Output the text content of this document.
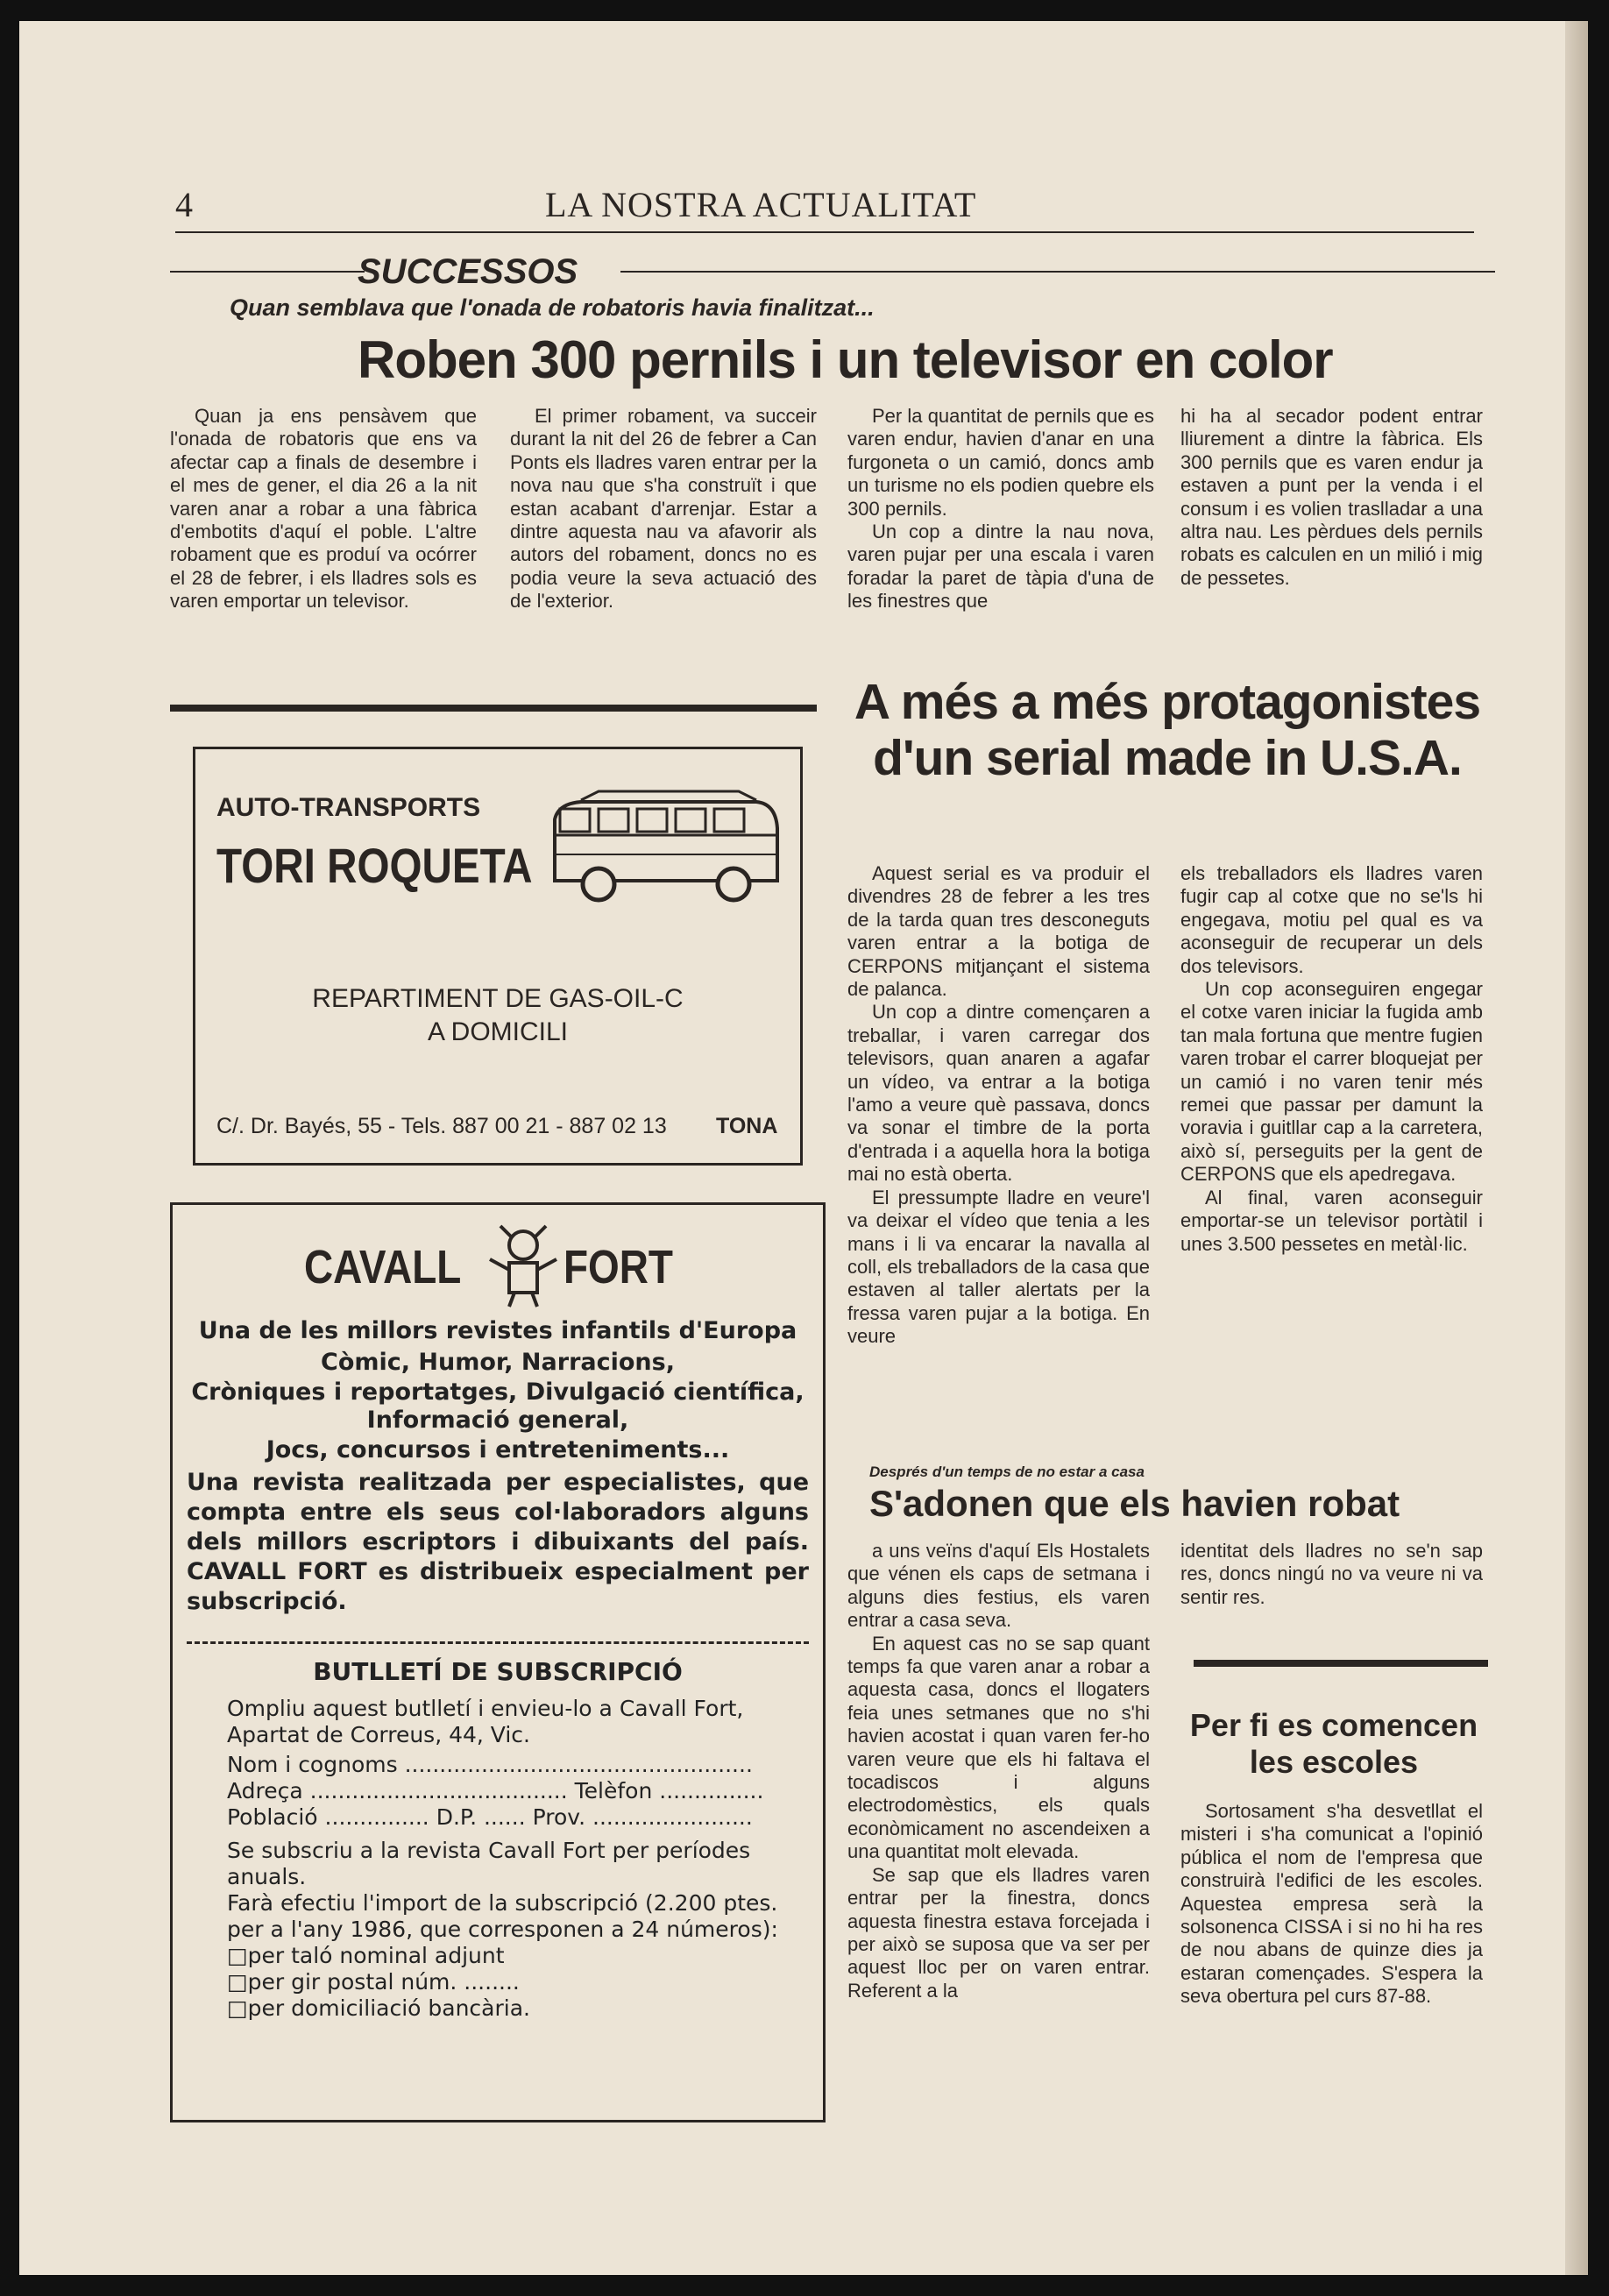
4	LA NOSTRA ACTUALITAT
SUCCESSOS
Quan semblava que l'onada de robatoris havia finalitzat...
Roben 300 pernils i un televisor en color

Quan ja ens pensàvem que l'onada de robatoris que ens va afectar cap a finals de desembre i el mes de gener, el dia 26 a la nit varen anar a robar a una fàbrica d'embotits d'aquí el poble. L'altre robament que es produí va ocórrer el 28 de febrer, i els lladres sols es varen emportar un televisor.

El primer robament, va succeir durant la nit del 26 de febrer a Can Ponts els lladres varen entrar per la nova nau que s'ha construït i que estan acabant d'arrenjar. Estar a dintre aquesta nau va afavorir als autors del robament, doncs no es podia veure la seva actuació des de l'exterior.

Per la quantitat de pernils que es varen endur, havien d'anar en una furgoneta o un camió, doncs amb un turisme no els podien quebre els 300 pernils.

Un cop a dintre la nau nova, varen pujar per una escala i varen foradar la paret de tàpia d'una de les finestres que

hi ha al secador podent entrar lliurement a dintre la fàbrica. Els 300 pernils que es varen endur ja estaven a punt per la venda i el consum i es volien traslladar a una altra nau. Les pèrdues dels pernils robats es calculen en un milió i mig de pessetes.

A més a més protagonistes d'un serial made in U.S.A.

Aquest serial es va produir el divendres 28 de febrer a les tres de la tarda quan tres desconeguts varen entrar a la botiga de CERPONS mitjançant el sistema de palanca.

Un cop a dintre començaren a treballar, i varen carregar dos televisors, quan anaren a agafar un vídeo, va entrar a la botiga l'amo a veure què passava, doncs va sonar el timbre de la porta d'entrada i a aquella hora la botiga mai no està oberta.

El pressumpte lladre en veure'l va deixar el vídeo que tenia a les mans i li va encarar la navalla al coll, els treballadors de la casa que estaven al taller alertats per la fressa varen pujar a la botiga. En veure

els treballadors els lladres varen fugir cap al cotxe que no se'ls hi engegava, motiu pel qual es va aconseguir de recuperar un dels dos televisors.

Un cop aconseguiren engegar el cotxe varen iniciar la fugida amb tan mala fortuna que mentre fugien varen trobar el carrer bloquejat per un camió i no varen tenir més remei que passar per damunt la voravia i guitllar cap a la carretera, això sí, perseguits per la gent de CERPONS que els apedregava.

Al final, varen aconseguir emportar-se un televisor portàtil i unes 3.500 pessetes en metàl·lic.

Després d'un temps de no estar a casa
S'adonen que els havien robat

a uns veïns d'aquí Els Hostalets que vénen els caps de setmana i alguns dies festius, els varen entrar a casa seva.

En aquest cas no se sap quant temps fa que varen anar a robar a aquesta casa, doncs el llogaters feia unes setmanes que no s'hi havien acostat i quan varen fer-ho varen veure que els hi faltava el tocadiscos i alguns electrodomèstics, els quals econòmicament no ascendeixen a una quantitat molt elevada.

Se sap que els lladres varen entrar per la finestra, doncs aquesta finestra estava forcejada i per això se suposa que va ser per aquest lloc per on varen entrar. Referent a la

identitat dels lladres no se'n sap res, doncs ningú no va veure ni va sentir res.

Per fi es comencen les escoles

Sortosament s'ha desvetllat el misteri i s'ha comunicat a l'opinió pública el nom de l'empresa que construirà l'edifici de les escoles. Aquestea empresa serà la solsonenca CISSA i si no hi ha res de nou abans de quinze dies ja estaran començades. S'espera la seva obertura pel curs 87-88.

AUTO-TRANSPORTS
TORI ROQUETA
REPARTIMENT DE GAS-OIL-C
A DOMICILI
C/. Dr. Bayés, 55 - Tels. 887 00 21 - 887 02 13 TONA
CAVALL FORT
Una de les millors revistes infantils d'Europa
Còmic, Humor, Narracions,
Cròniques i reportatges, Divulgació científica,
Informació general,
Jocs, concursos i entreteniments...
Una revista realitzada per especialistes, que compta entre els seus col·laboradors alguns dels millors escriptors i dibuixants del país. CAVALL FORT es distribueix especialment per subscripció.
BUTLLETÍ DE SUBSCRIPCIÓ
Ompliu aquest butlletí i envieu-lo a Cavall Fort, Apartat de Correus, 44, Vic.
Nom i cognoms ..................................................
Adreça ..................................... Telèfon ...............
Població ............... D.P. ...... Prov. .......................
Se subscriu a la revista Cavall Fort per períodes anuals.
Farà efectiu l'import de la subscripció (2.200 ptes. per a l'any 1986, que corresponen a 24 números):
□per taló nominal adjunt
□per gir postal núm. ........
□per domiciliació bancària.
